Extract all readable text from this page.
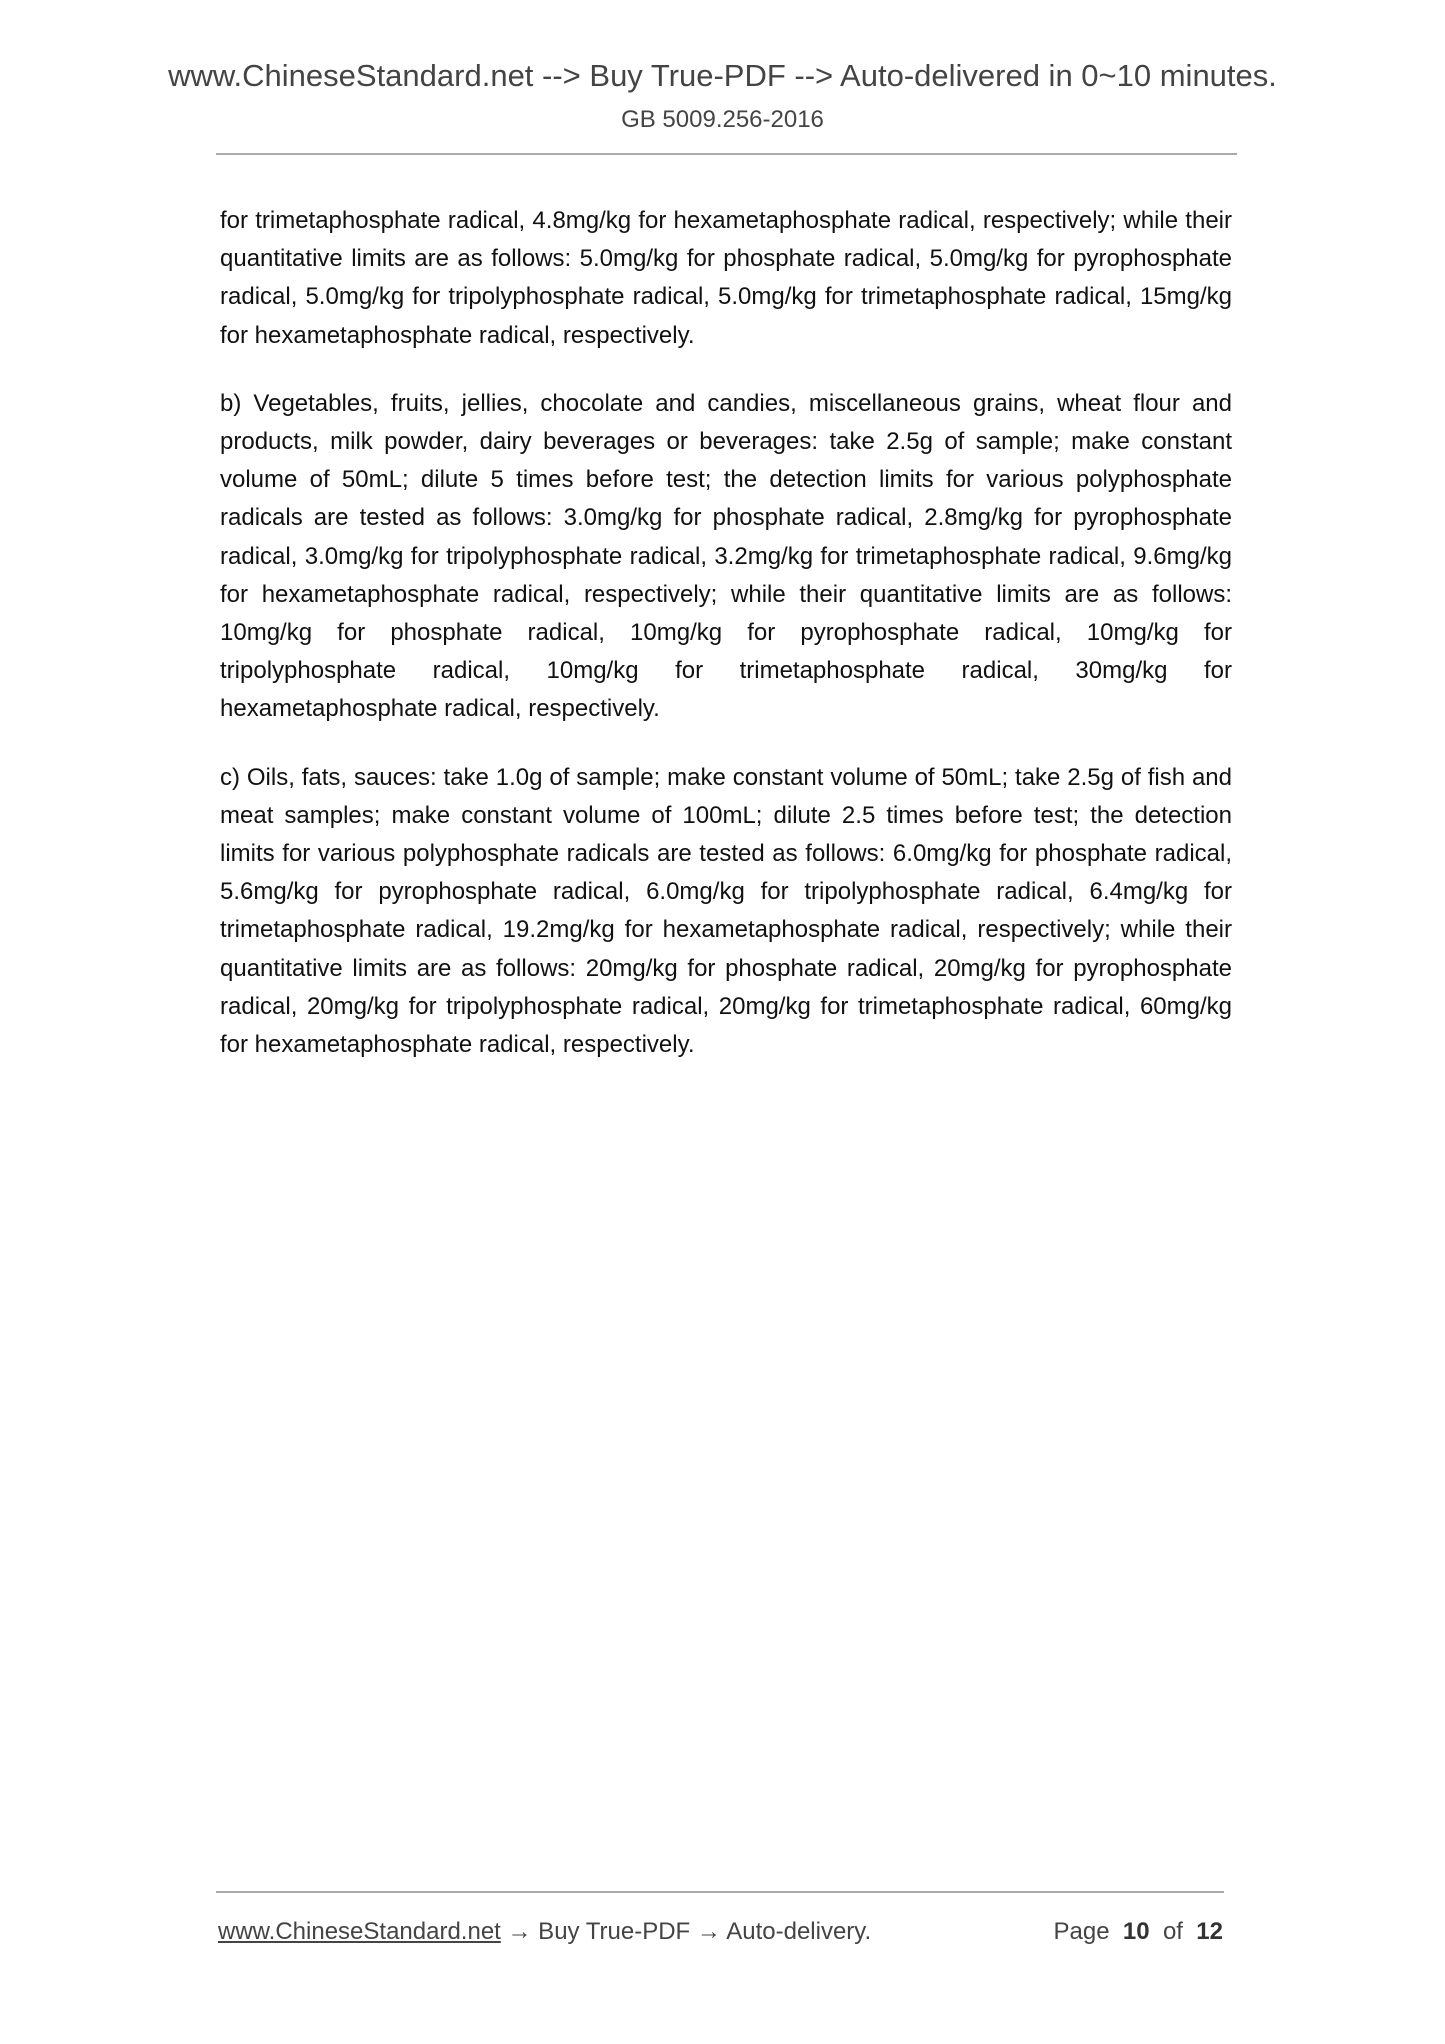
www.ChineseStandard.net --> Buy True-PDF --> Auto-delivered in 0~10 minutes.
GB 5009.256-2016

for trimetaphosphate radical, 4.8mg/kg for hexametaphosphate radical, respectively; while their quantitative limits are as follows: 5.0mg/kg for phosphate radical, 5.0mg/kg for pyrophosphate radical, 5.0mg/kg for tripolyphosphate radical, 5.0mg/kg for trimetaphosphate radical, 15mg/kg for hexametaphosphate radical, respectively.

b) Vegetables, fruits, jellies, chocolate and candies, miscellaneous grains, wheat flour and products, milk powder, dairy beverages or beverages: take 2.5g of sample; make constant volume of 50mL; dilute 5 times before test; the detection limits for various polyphosphate radicals are tested as follows: 3.0mg/kg for phosphate radical, 2.8mg/kg for pyrophosphate radical, 3.0mg/kg for tripolyphosphate radical, 3.2mg/kg for trimetaphosphate radical, 9.6mg/kg for hexametaphosphate radical, respectively; while their quantitative limits are as follows: 10mg/kg for phosphate radical, 10mg/kg for pyrophosphate radical, 10mg/kg for tripolyphosphate radical, 10mg/kg for trimetaphosphate radical, 30mg/kg for hexametaphosphate radical, respectively.

c) Oils, fats, sauces: take 1.0g of sample; make constant volume of 50mL; take 2.5g of fish and meat samples; make constant volume of 100mL; dilute 2.5 times before test; the detection limits for various polyphosphate radicals are tested as follows: 6.0mg/kg for phosphate radical, 5.6mg/kg for pyrophosphate radical, 6.0mg/kg for tripolyphosphate radical, 6.4mg/kg for trimetaphosphate radical, 19.2mg/kg for hexametaphosphate radical, respectively; while their quantitative limits are as follows: 20mg/kg for phosphate radical, 20mg/kg for pyrophosphate radical, 20mg/kg for tripolyphosphate radical, 20mg/kg for trimetaphosphate radical, 60mg/kg for hexametaphosphate radical, respectively.

www.ChineseStandard.net → Buy True-PDF → Auto-delivery.	Page 10 of 12
